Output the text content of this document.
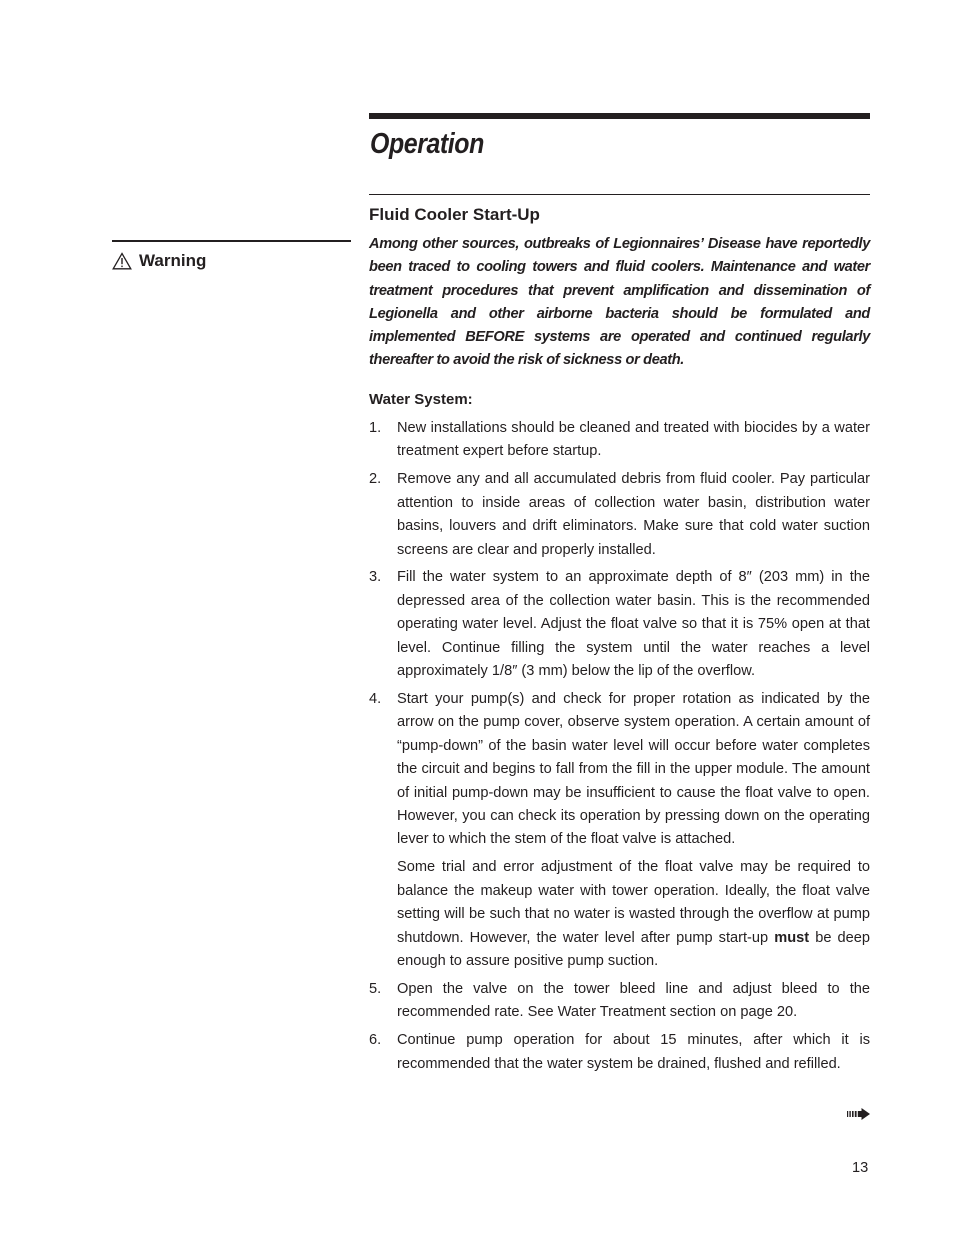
Operation
Fluid Cooler Start-Up
Warning

Among other sources, outbreaks of Legionnaires’ Disease have reportedly been traced to cooling towers and fluid coolers. Maintenance and water treatment procedures that prevent amplification and dissemination of Legionella and other airborne bacteria should be formulated and implemented BEFORE systems are operated and continued regularly thereafter to avoid the risk of sickness or death.

Water System:
1. New installations should be cleaned and treated with biocides by a water treatment expert before startup.

2. Remove any and all accumulated debris from fluid cooler. Pay particular attention to inside areas of collection water basin, distribution water basins, louvers and drift eliminators. Make sure that cold water suction screens are clear and properly installed.

3. Fill the water system to an approximate depth of 8″ (203 mm) in the depressed area of the collection water basin. This is the recommended operating water level. Adjust the float valve so that it is 75% open at that level. Continue filling the system until the water reaches a level approximately 1/8″ (3 mm) below the lip of the overflow.

4. Start your pump(s) and check for proper rotation as indicated by the arrow on the pump cover, observe system operation. A certain amount of “pump-down” of the basin water level will occur before water completes the circuit and begins to fall from the fill in the upper module. The amount of initial pump-down may be insufficient to cause the float valve to open. However, you can check its operation by pressing down on the operating lever to which the stem of the float valve is attached.

Some trial and error adjustment of the float valve may be required to balance the makeup water with tower operation. Ideally, the float valve setting will be such that no water is wasted through the overflow at pump shutdown. However, the water level after pump start-up must be deep enough to assure positive pump suction.

5. Open the valve on the tower bleed line and adjust bleed to the recommended rate. See Water Treatment section on page 20.

6. Continue pump operation for about 15 minutes, after which it is recommended that the water system be drained, flushed and refilled.

13
